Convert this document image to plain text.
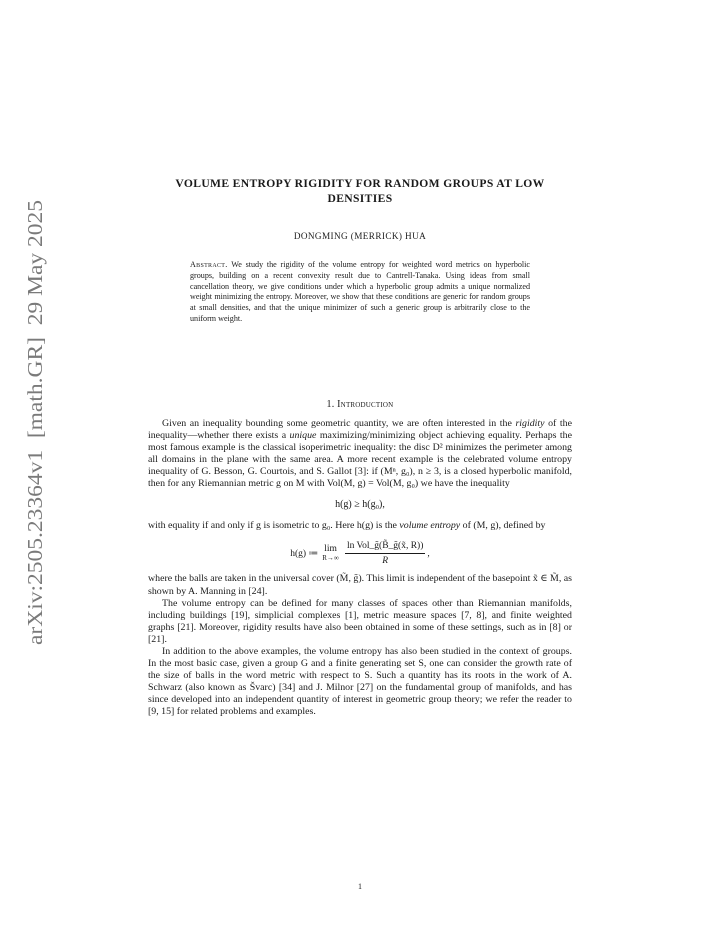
arXiv:2505.23364v1  [math.GR]  29 May 2025
VOLUME ENTROPY RIGIDITY FOR RANDOM GROUPS AT LOW DENSITIES
DONGMING (MERRICK) HUA
Abstract. We study the rigidity of the volume entropy for weighted word metrics on hyperbolic groups, building on a recent convexity result due to Cantrell-Tanaka. Using ideas from small cancellation theory, we give conditions under which a hyperbolic group admits a unique normalized weight minimizing the entropy. Moreover, we show that these conditions are generic for random groups at small densities, and that the unique minimizer of such a generic group is arbitrarily close to the uniform weight.
1. Introduction

Given an inequality bounding some geometric quantity, we are often interested in the rigidity of the inequality—whether there exists a unique maximizing/minimizing object achieving equality. Perhaps the most famous example is the classical isoperimetric inequality: the disc D² minimizes the perimeter among all domains in the plane with the same area. A more recent example is the celebrated volume entropy inequality of G. Besson, G. Courtois, and S. Gallot [3]: if (Mⁿ, g₀), n ≥ 3, is a closed hyperbolic manifold, then for any Riemannian metric g on M with Vol(M, g) = Vol(M, g₀) we have the inequality

h(g) ≥ h(g₀),

with equality if and only if g is isometric to g₀. Here h(g) is the volume entropy of (M, g), defined by

h(g) ≔ lim
$R\to\infty \frac{\text{ln Vol\_g̃(B̃\_g̃(x̃, R))}}{R}$ ,

where the balls are taken in the universal cover (M̃, g̃). This limit is independent of the basepoint x̃ ∈ M̃, as shown by A. Manning in [24].

The volume entropy can be defined for many classes of spaces other than Riemannian manifolds, including buildings [19], simplicial complexes [1], metric measure spaces [7, 8], and finite weighted graphs [21]. Moreover, rigidity results have also been obtained in some of these settings, such as in [8] or [21].

In addition to the above examples, the volume entropy has also been studied in the context of groups. In the most basic case, given a group G and a finite generating set S, one can consider the growth rate of the size of balls in the word metric with respect to S. Such a quantity has its roots in the work of A. Schwarz (also known as Švarc) [34] and J. Milnor [27] on the fundamental group of manifolds, and has since developed into an independent quantity of interest in geometric group theory; we refer the reader to [9, 15] for related problems and examples.

1
